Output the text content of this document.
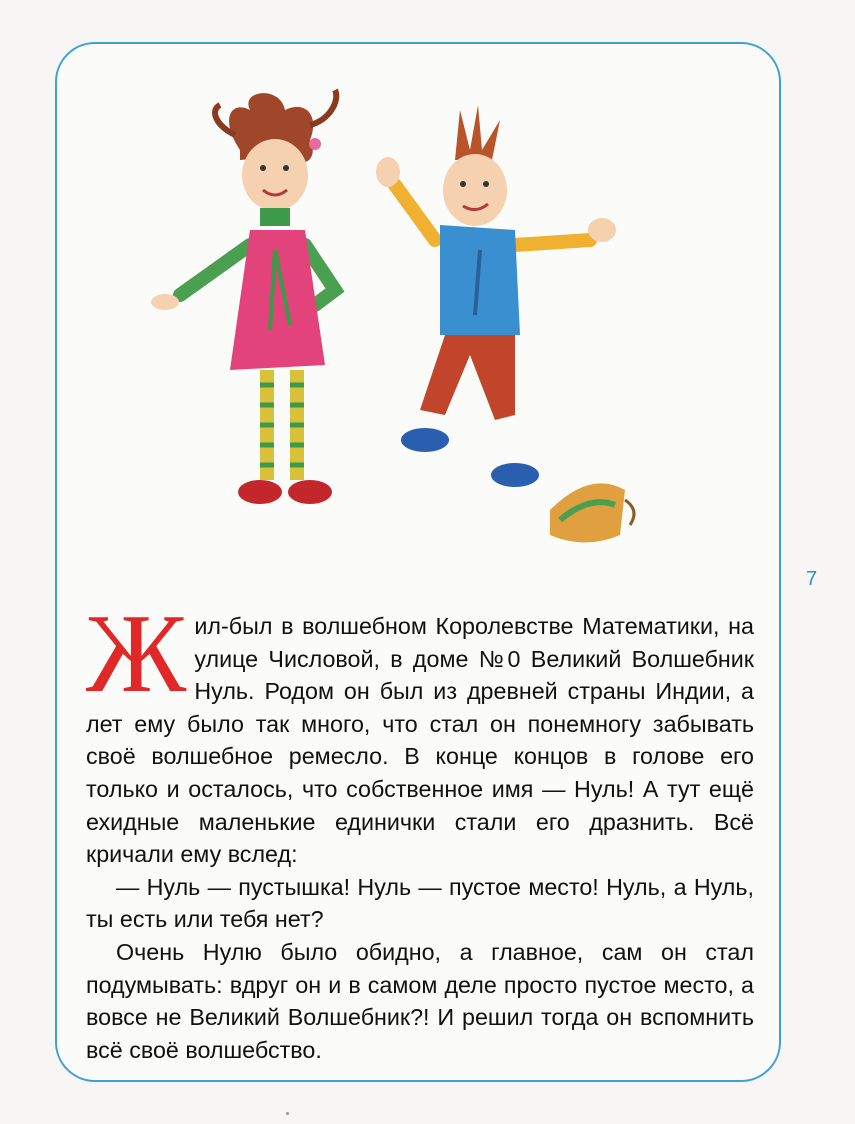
7

Жил-был в волшебном Королевстве Математики, на улице Числовой, в доме №0 Великий Волшебник Нуль. Родом он был из древней страны Индии, а лет ему было так много, что стал он понемногу забывать своё волшебное ремесло. В конце концов в голове его только и осталось, что собственное имя — Нуль! А тут ещё ехидные маленькие единички стали его дразнить. Всё кричали ему вслед:

— Нуль — пустышка! Нуль — пустое место! Нуль, а Нуль, ты есть или тебя нет?

Очень Нулю было обидно, а главное, сам он стал подумывать: вдруг он и в самом деле просто пустое место, а вовсе не Великий Волшебник?! И решил тогда он вспомнить всё своё волшебство.
